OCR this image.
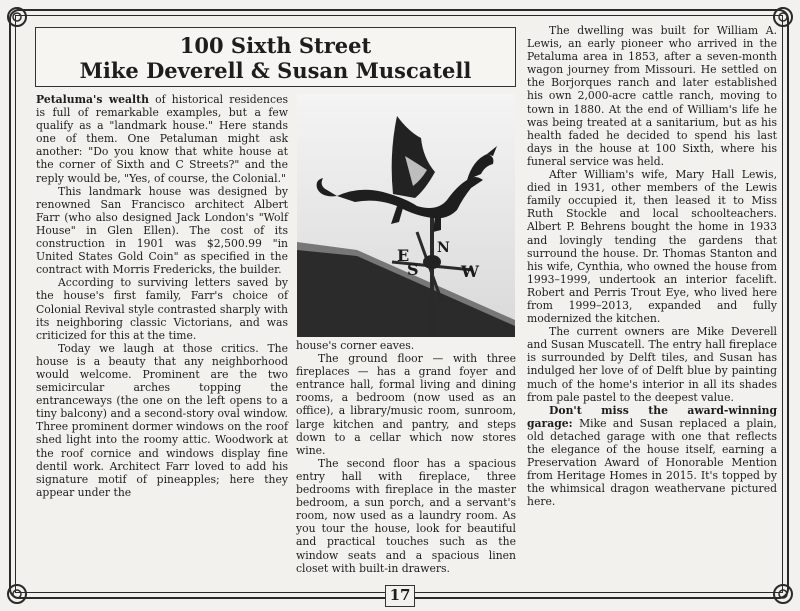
100 Sixth Street
Mike Deverell & Susan Muscatell

Petaluma's wealth of historical residences is full of remarkable examples, but a few qualify as a "landmark house." Here stands one of them. One Petaluman might ask another: "Do you know that white house at the corner of Sixth and C Streets?" and the reply would be, "Yes, of course, the Colonial."

This landmark house was designed by renowned San Francisco architect Albert Farr (who also designed Jack London's "Wolf House" in Glen Ellen). The cost of its construction in 1901 was $2,500.99 "in United States Gold Coin" as specified in the contract with Morris Fredericks, the builder.

According to surviving letters saved by the house's first family, Farr's choice of Colonial Revival style contrasted sharply with its neighboring classic Victorians, and was criticized for this at the time.

Today we laugh at those critics. The house is a beauty that any neighborhood would welcome. Prominent are the two semicircular arches topping the entranceways (the one on the left opens to a tiny balcony) and a second-story oval window. Three prominent dormer windows on the roof shed light into the roomy attic. Woodwork at the roof cornice and windows display fine dentil work. Architect Farr loved to add his signature motif of pineapples; here they appear under the

E
S	W
N

house's corner eaves.

The ground floor — with three fireplaces — has a grand foyer and entrance hall, formal living and dining rooms, a bedroom (now used as an office), a library/music room, sunroom, large kitchen and pantry, and steps down to a cellar which now stores wine.

The second floor has a spacious entry hall with fireplace, three bedrooms with fireplace in the master bedroom, a sun porch, and a servant's room, now used as a laundry room. As you tour the house, look for beautiful and practical touches such as the window seats and a spacious linen closet with built-in drawers.

The dwelling was built for William A. Lewis, an early pioneer who arrived in the Petaluma area in 1853, after a seven-month wagon journey from Missouri. He settled on the Borjorques ranch and later established his own 2,000-acre cattle ranch, moving to town in 1880. At the end of William's life he was being treated at a sanitarium, but as his health faded he decided to spend his last days in the house at 100 Sixth, where his funeral service was held.

After William's wife, Mary Hall Lewis, died in 1931, other members of the Lewis family occupied it, then leased it to Miss Ruth Stockle and local schoolteachers. Albert P. Behrens bought the home in 1933 and lovingly tending the gardens that surround the house. Dr. Thomas Stanton and his wife, Cynthia, who owned the house from 1993–1999, undertook an interior facelift. Robert and Perris Trout Eye, who lived here from 1999–2013, expanded and fully modernized the kitchen.

The current owners are Mike Deverell and Susan Muscatell. The entry hall fireplace is surrounded by Delft tiles, and Susan has indulged her love of of Delft blue by painting much of the home's interior in all its shades from pale pastel to the deepest value.

Don't miss the award-winning garage: Mike and Susan replaced a plain, old detached garage with one that reflects the elegance of the house itself, earning a Preservation Award of Honorable Mention from Heritage Homes in 2015. It's topped by the whimsical dragon weathervane pictured here.

17
